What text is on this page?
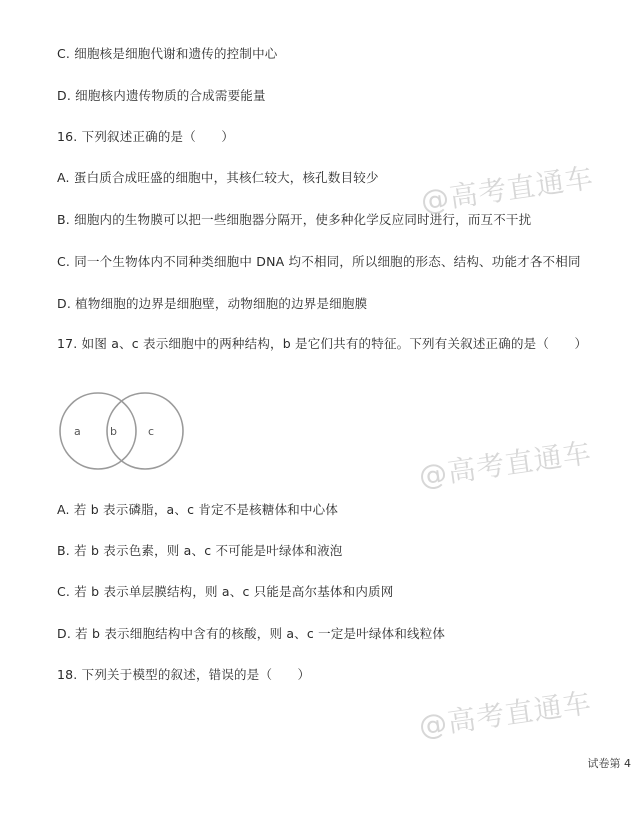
C. 细胞核是细胞代谢和遗传的控制中心
D. 细胞核内遗传物质的合成需要能量
16. 下列叙述正确的是（　　）
A. 蛋白质合成旺盛的细胞中，其核仁较大，核孔数目较少
B. 细胞内的生物膜可以把一些细胞器分隔开，使多种化学反应同时进行，而互不干扰
C. 同一个生物体内不同种类细胞中 DNA 均不相同，所以细胞的形态、结构、功能才各不相同
D. 植物细胞的边界是细胞壁，动物细胞的边界是细胞膜
17. 如图 a、c 表示细胞中的两种结构，b 是它们共有的特征。下列有关叙述正确的是（　　）
a	b	c
A. 若 b 表示磷脂，a、c 肯定不是核糖体和中心体
B. 若 b 表示色素，则 a、c 不可能是叶绿体和液泡
C. 若 b 表示单层膜结构，则 a、c 只能是高尔基体和内质网
D. 若 b 表示细胞结构中含有的核酸，则 a、c 一定是叶绿体和线粒体
18. 下列关于模型的叙述，错误的是（　　）
@高考直通车
@高考直通车
@高考直通车
试卷第 4
